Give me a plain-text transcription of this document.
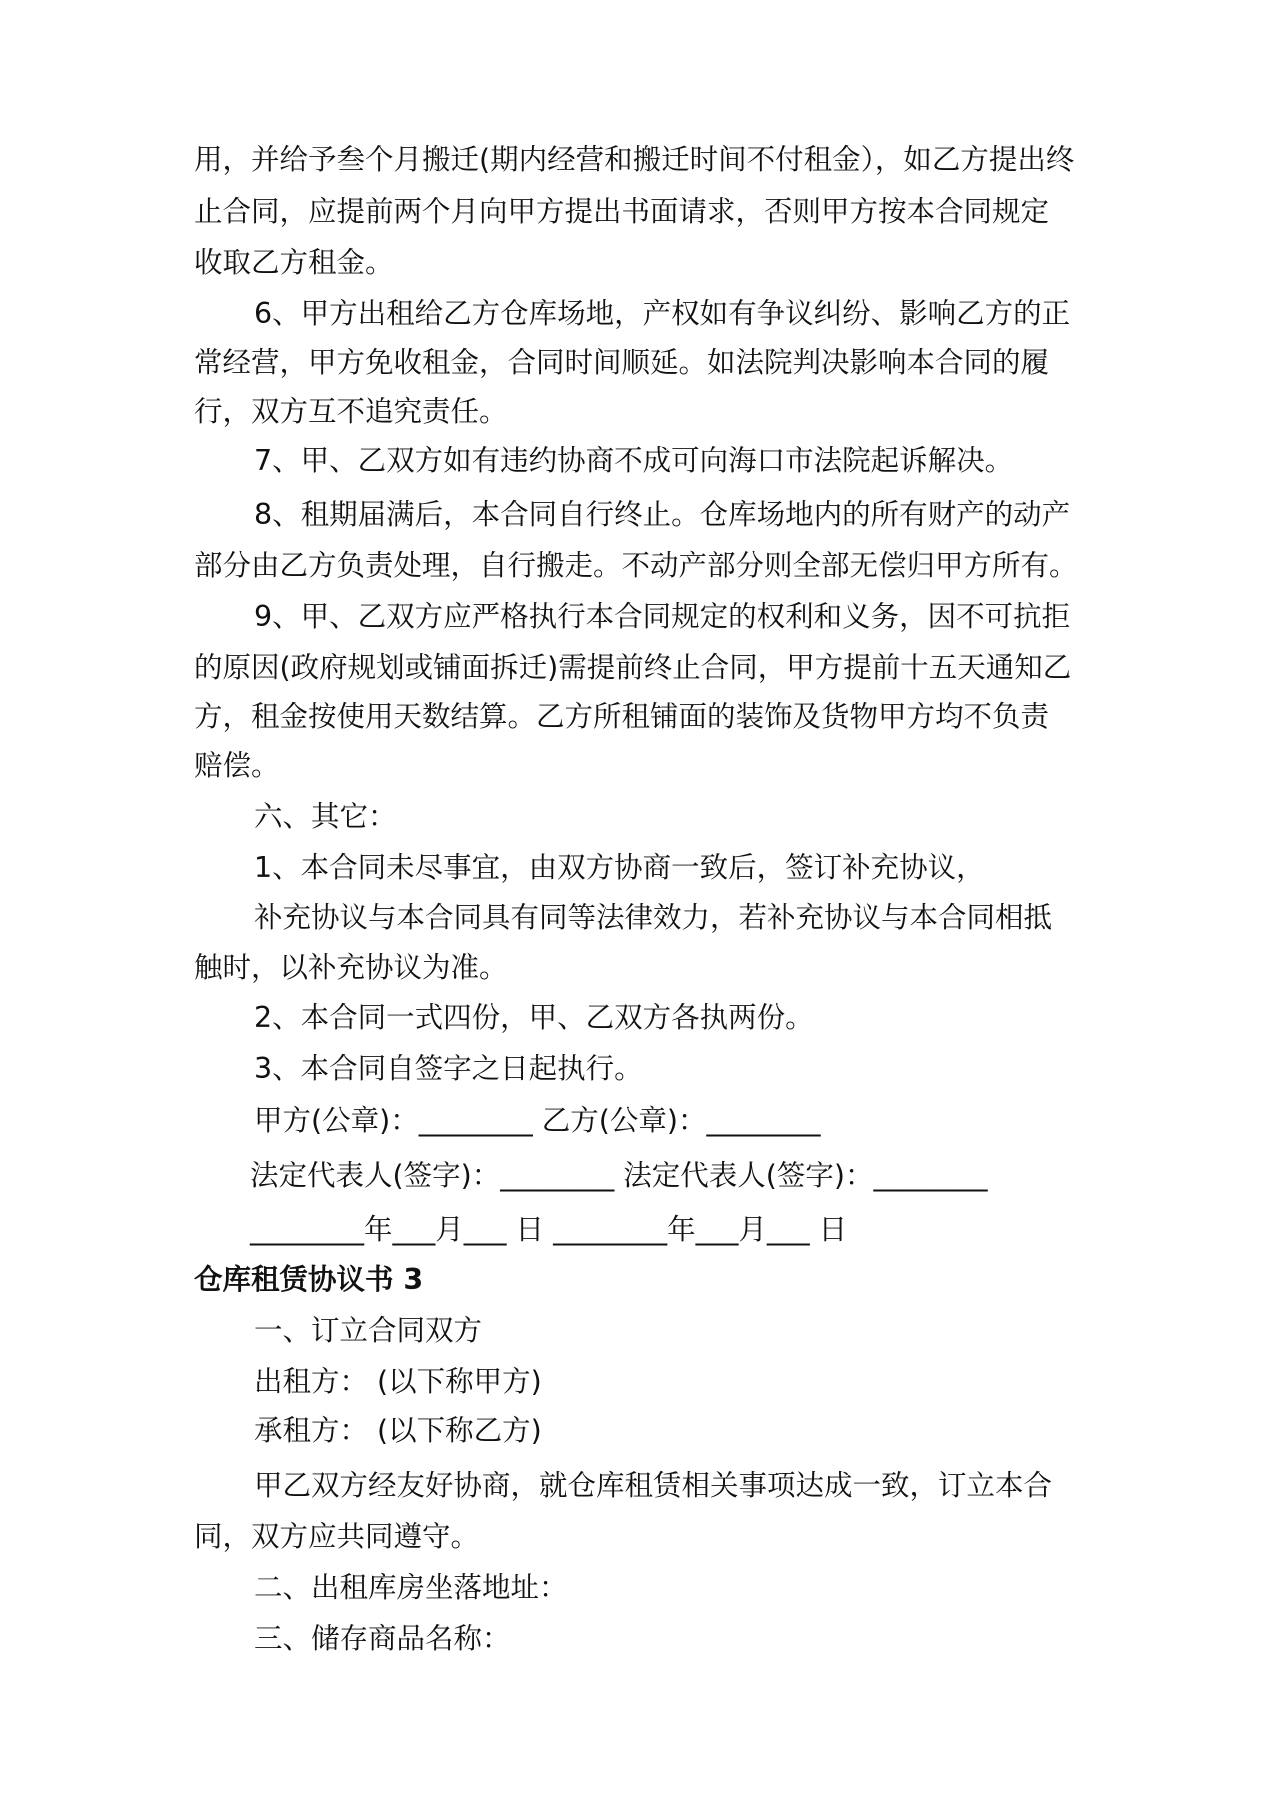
用，并给予叁个月搬迁(期内经营和搬迁时间不付租金），如乙方提出终

止合同，应提前两个月向甲方提出书面请求，否则甲方按本合同规定

收取乙方租金。

6、甲方出租给乙方仓库场地，产权如有争议纠纷、影响乙方的正

常经营，甲方免收租金，合同时间顺延。如法院判决影响本合同的履

行，双方互不追究责任。

7、甲、乙双方如有违约协商不成可向海口市法院起诉解决。

8、租期届满后，本合同自行终止。仓库场地内的所有财产的动产

部分由乙方负责处理，自行搬走。不动产部分则全部无偿归甲方所有。

9、甲、乙双方应严格执行本合同规定的权利和义务，因不可抗拒

的原因(政府规划或铺面拆迁)需提前终止合同，甲方提前十五天通知乙

方，租金按使用天数结算。乙方所租铺面的装饰及货物甲方均不负责

赔偿。

六、其它：

1、本合同未尽事宜，由双方协商一致后，签订补充协议，

补充协议与本合同具有同等法律效力，若补充协议与本合同相抵

触时，以补充协议为准。

2、本合同一式四份，甲、乙双方各执两份。

3、本合同自签字之日起执行。

甲方(公章)：________ 乙方(公章)：________

法定代表人(签字)：________ 法定代表人(签字)：________

________年___月___ 日 ________年___月___ 日

仓库租赁协议书 3

一、订立合同双方

出租方： (以下称甲方)

承租方： (以下称乙方)

甲乙双方经友好协商，就仓库租赁相关事项达成一致，订立本合

同，双方应共同遵守。

二、出租库房坐落地址：

三、储存商品名称：
